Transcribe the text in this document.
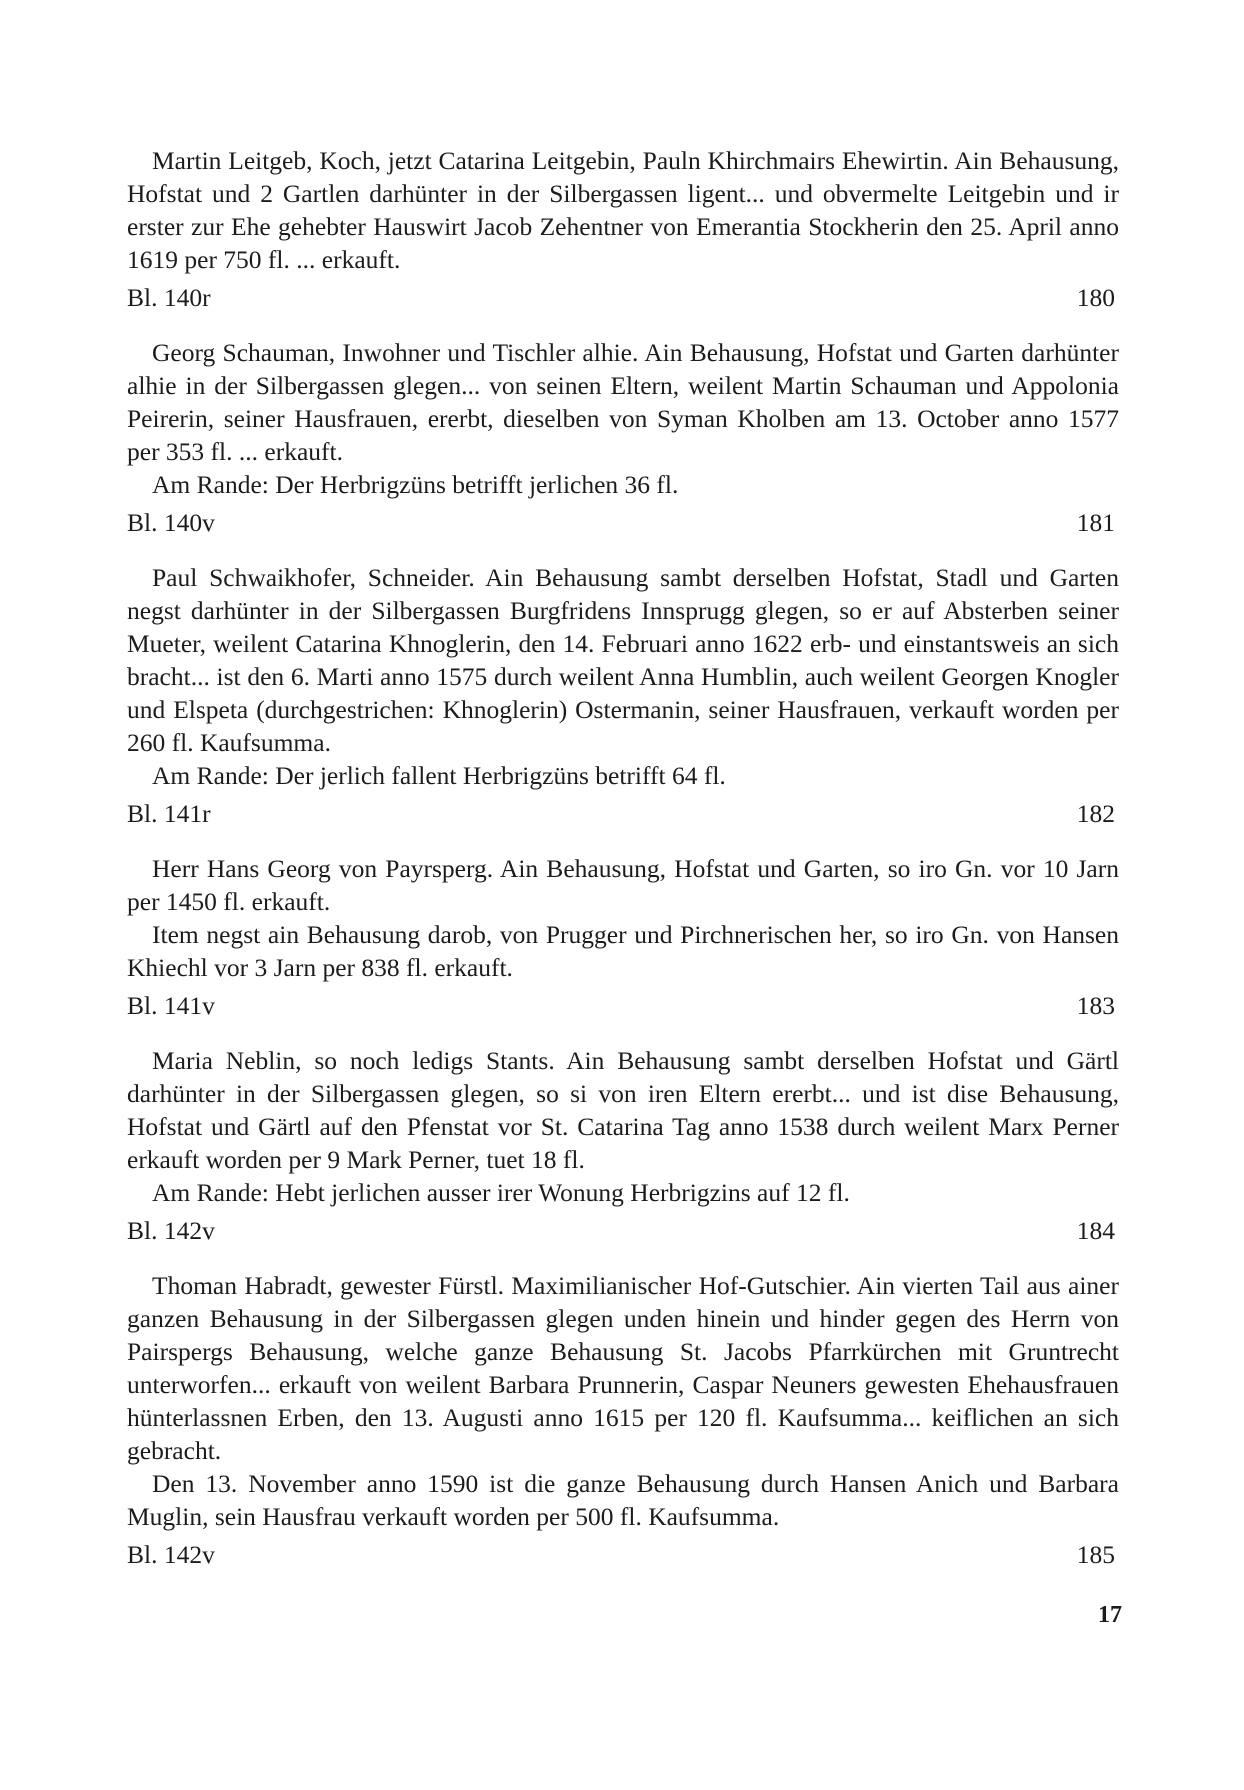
Martin Leitgeb, Koch, jetzt Catarina Leitgebin, Pauln Khirchmairs Ehewirtin. Ain Behausung, Hofstat und 2 Gartlen darhünter in der Silbergassen ligent... und obvermelte Leitgebin und ir erster zur Ehe gehebter Hauswirt Jacob Zehentner von Emerantia Stockherin den 25. April anno 1619 per 750 fl. ... erkauft.

Bl. 140r	180

Georg Schauman, Inwohner und Tischler alhie. Ain Behausung, Hofstat und Garten darhünter alhie in der Silbergassen glegen... von seinen Eltern, weilent Martin Schauman und Appolonia Peirerin, seiner Hausfrauen, ererbt, dieselben von Syman Kholben am 13. October anno 1577 per 353 fl. ... erkauft.

Am Rande: Der Herbrigzüns betrifft jerlichen 36 fl.

Bl. 140v	181

Paul Schwaikhofer, Schneider. Ain Behausung sambt derselben Hofstat, Stadl und Garten negst darhünter in der Silbergassen Burgfridens Innsprugg glegen, so er auf Absterben seiner Mueter, weilent Catarina Khnoglerin, den 14. Februari anno 1622 erb- und einstantsweis an sich bracht... ist den 6. Marti anno 1575 durch weilent Anna Humblin, auch weilent Georgen Knogler und Elspeta (durchgestrichen: Khnoglerin) Ostermanin, seiner Hausfrauen, verkauft worden per 260 fl. Kaufsumma.

Am Rande: Der jerlich fallent Herbrigzüns betrifft 64 fl.

Bl. 141r	182

Herr Hans Georg von Payrsperg. Ain Behausung, Hofstat und Garten, so iro Gn. vor 10 Jarn per 1450 fl. erkauft.

Item negst ain Behausung darob, von Prugger und Pirchnerischen her, so iro Gn. von Hansen Khiechl vor 3 Jarn per 838 fl. erkauft.

Bl. 141v	183

Maria Neblin, so noch ledigs Stants. Ain Behausung sambt derselben Hofstat und Gärtl darhünter in der Silbergassen glegen, so si von iren Eltern ererbt... und ist dise Behausung, Hofstat und Gärtl auf den Pfenstat vor St. Catarina Tag anno 1538 durch weilent Marx Perner erkauft worden per 9 Mark Perner, tuet 18 fl.

Am Rande: Hebt jerlichen ausser irer Wonung Herbrigzins auf 12 fl.

Bl. 142v	184

Thoman Habradt, gewester Fürstl. Maximilianischer Hof-Gutschier. Ain vierten Tail aus ainer ganzen Behausung in der Silbergassen glegen unden hinein und hinder gegen des Herrn von Pairspergs Behausung, welche ganze Behausung St. Jacobs Pfarrkürchen mit Gruntrecht unterworfen... erkauft von weilent Barbara Prunnerin, Caspar Neuners gewesten Ehehausfrauen hünterlassnen Erben, den 13. Augusti anno 1615 per 120 fl. Kaufsumma... keiflichen an sich gebracht.

Den 13. November anno 1590 ist die ganze Behausung durch Hansen Anich und Barbara Muglin, sein Hausfrau verkauft worden per 500 fl. Kaufsumma.

Bl. 142v	185
17
